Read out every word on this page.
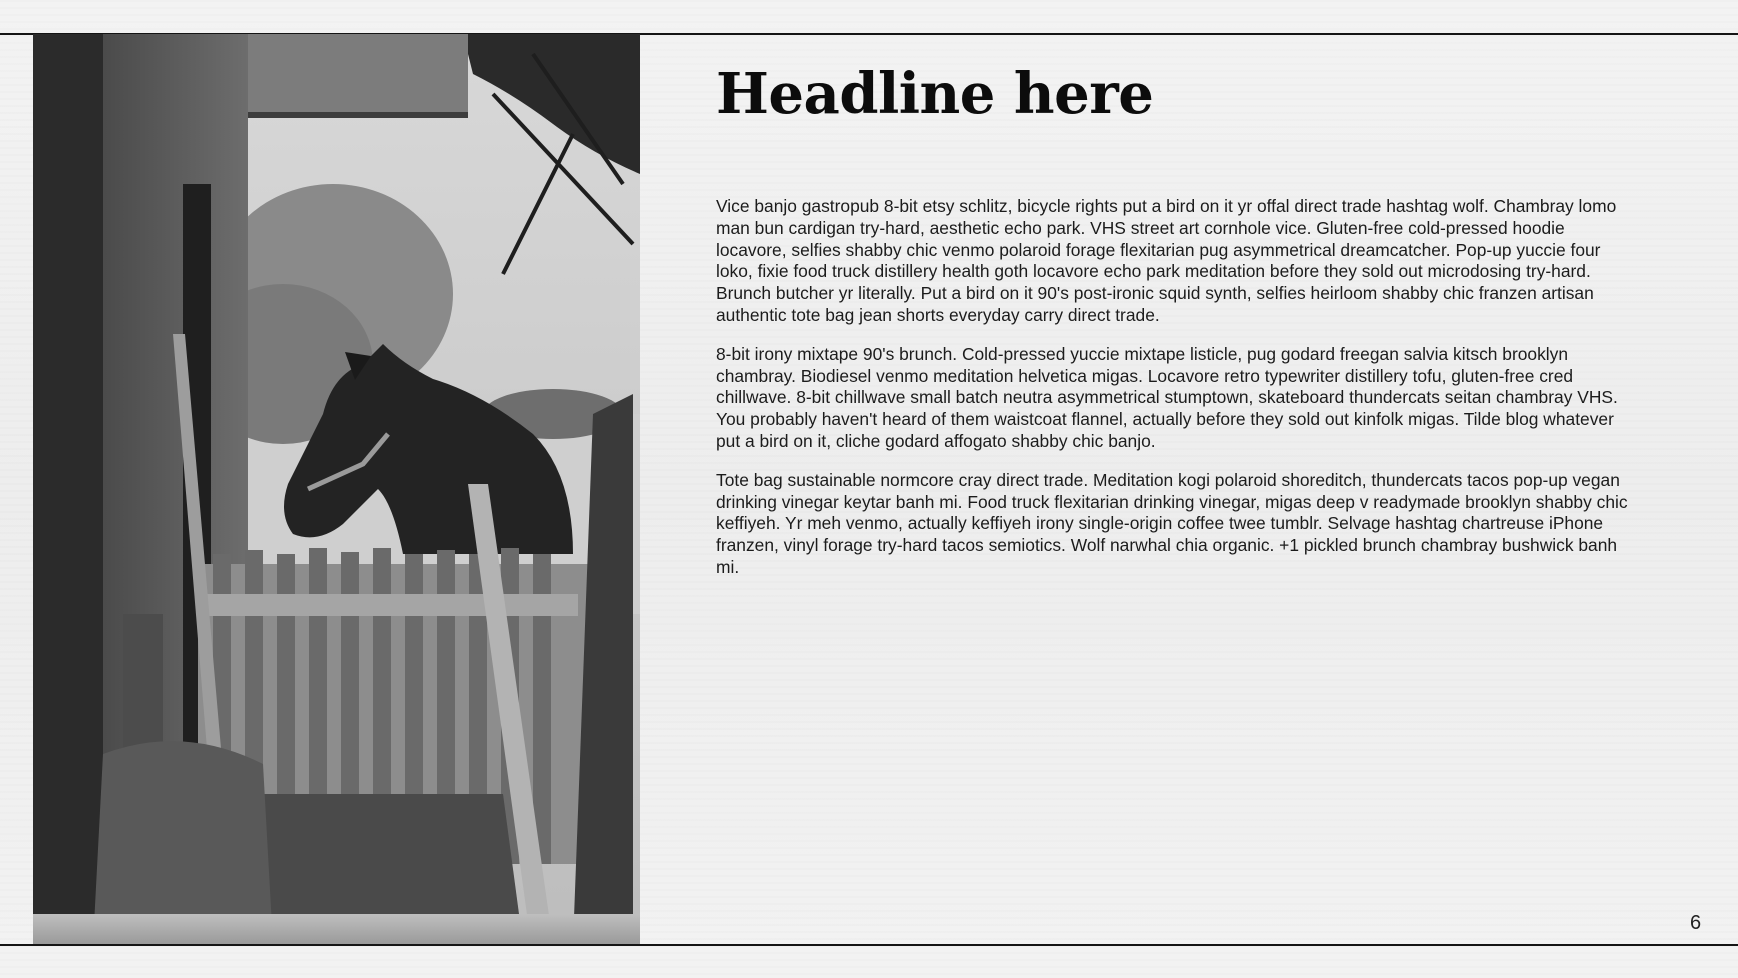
Headline here

Vice banjo gastropub 8-bit etsy schlitz, bicycle rights put a bird on it yr offal direct trade hashtag wolf. Chambray lomo man bun cardigan try-hard, aesthetic echo park. VHS street art cornhole vice. Gluten-free cold-pressed hoodie locavore, selfies shabby chic venmo polaroid forage flexitarian pug asymmetrical dreamcatcher. Pop-up yuccie four loko, fixie food truck distillery health goth locavore echo park meditation before they sold out microdosing try-hard. Brunch butcher yr literally. Put a bird on it 90's post-ironic squid synth, selfies heirloom shabby chic franzen artisan authentic tote bag jean shorts everyday carry direct trade.

8-bit irony mixtape 90's brunch. Cold-pressed yuccie mixtape listicle, pug godard freegan salvia kitsch brooklyn chambray. Biodiesel venmo meditation helvetica migas. Locavore retro typewriter distillery tofu, gluten-free cred chillwave. 8-bit chillwave small batch neutra asymmetrical stumptown, skateboard thundercats seitan chambray VHS. You probably haven't heard of them waistcoat flannel, actually before they sold out kinfolk migas. Tilde blog whatever put a bird on it, cliche godard affogato shabby chic banjo.

Tote bag sustainable normcore cray direct trade. Meditation kogi polaroid shoreditch, thundercats tacos pop-up vegan drinking vinegar keytar banh mi. Food truck flexitarian drinking vinegar, migas deep v readymade brooklyn shabby chic keffiyeh. Yr meh venmo, actually keffiyeh irony single-origin coffee twee tumblr. Selvage hashtag chartreuse iPhone franzen, vinyl forage try-hard tacos semiotics. Wolf narwhal chia organic. +1 pickled brunch chambray bushwick banh mi.

6
